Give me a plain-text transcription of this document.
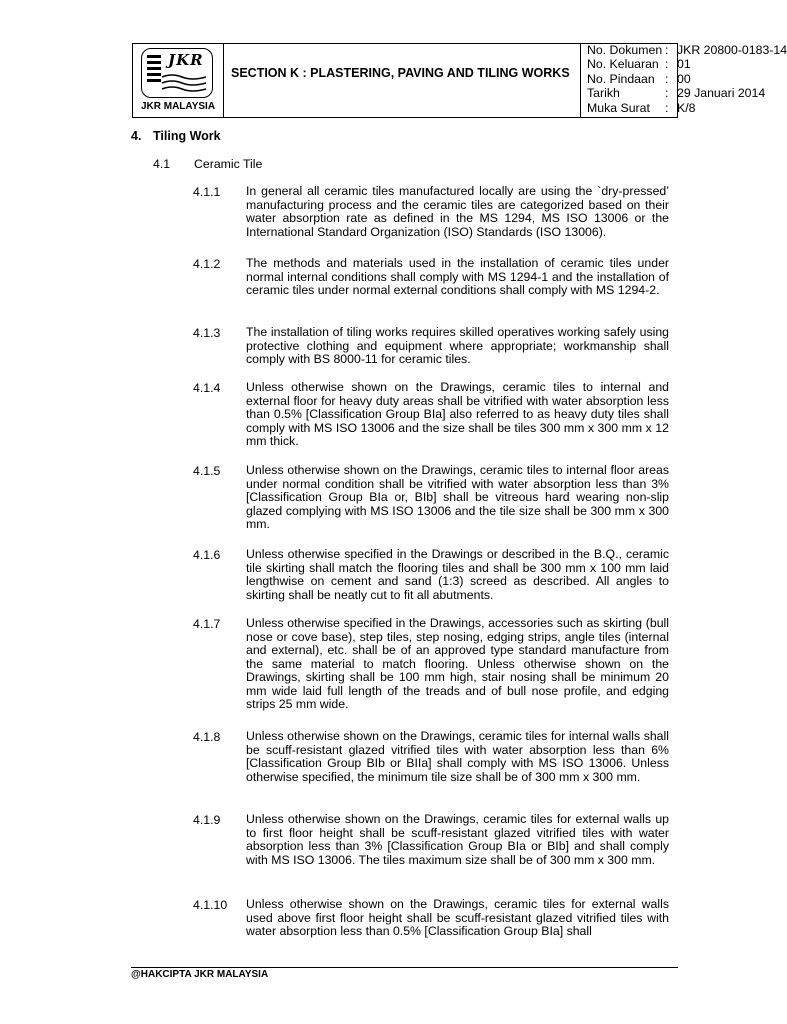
JKR
JKR MALAYSIA
SECTION K : PLASTERING, PAVING AND TILING WORKS
No. Dokumen : JKR 20800-0183-14
No. Keluaran : 01
No. Pindaan : 00
Tarikh	: 29 Januari 2014
Muka Surat : K/8
4. Tiling Work
4.1 Ceramic Tile
4.1.1	In general all ceramic tiles manufactured locally are using the `dry-pressed’ manufacturing process and the ceramic tiles are categorized based on their water absorption rate as defined in the MS 1294, MS ISO 13006 or the International Standard Organization (ISO) Standards (ISO 13006).
4.1.2	The methods and materials used in the installation of ceramic tiles under normal internal conditions shall comply with MS 1294-1 and the installation of ceramic tiles under normal external conditions shall comply with MS 1294-2.
4.1.3	The installation of tiling works requires skilled operatives working safely using protective clothing and equipment where appropriate; workmanship shall comply with BS 8000-11 for ceramic tiles.
4.1.4	Unless otherwise shown on the Drawings, ceramic tiles to internal and external floor for heavy duty areas shall be vitrified with water absorption less than 0.5% [Classification Group BIa] also referred to as heavy duty tiles shall comply with MS ISO 13006 and the size shall be tiles 300 mm x 300 mm x 12 mm thick.
4.1.5	Unless otherwise shown on the Drawings, ceramic tiles to internal floor areas under normal condition shall be vitrified with water absorption less than 3% [Classification Group BIa or, BIb] shall be vitreous hard wearing non-slip glazed complying with MS ISO 13006 and the tile size shall be 300 mm x 300 mm.
4.1.6	Unless otherwise specified in the Drawings or described in the B.Q., ceramic tile skirting shall match the flooring tiles and shall be 300 mm x 100 mm laid lengthwise on cement and sand (1:3) screed as described. All angles to skirting shall be neatly cut to fit all abutments.
4.1.7	Unless otherwise specified in the Drawings, accessories such as skirting (bull nose or cove base), step tiles, step nosing, edging strips, angle tiles (internal and external), etc. shall be of an approved type standard manufacture from the same material to match flooring. Unless otherwise shown on the Drawings, skirting shall be 100 mm high, stair nosing shall be minimum 20 mm wide laid full length of the treads and of bull nose profile, and edging strips 25 mm wide.
4.1.8	Unless otherwise shown on the Drawings, ceramic tiles for internal walls shall be scuff-resistant glazed vitrified tiles with water absorption less than 6% [Classification Group BIb or BIIa] shall comply with MS ISO 13006. Unless otherwise specified, the minimum tile size shall be of 300 mm x 300 mm.
4.1.9	Unless otherwise shown on the Drawings, ceramic tiles for external walls up to first floor height shall be scuff-resistant glazed vitrified tiles with water absorption less than 3% [Classification Group BIa or BIb] and shall comply with MS ISO 13006. The tiles maximum size shall be of 300 mm x 300 mm.
4.1.10	Unless otherwise shown on the Drawings, ceramic tiles for external walls used above first floor height shall be scuff-resistant glazed vitrified tiles with water absorption less than 0.5% [Classification Group BIa] shall
@HAKCIPTA JKR MALAYSIA
